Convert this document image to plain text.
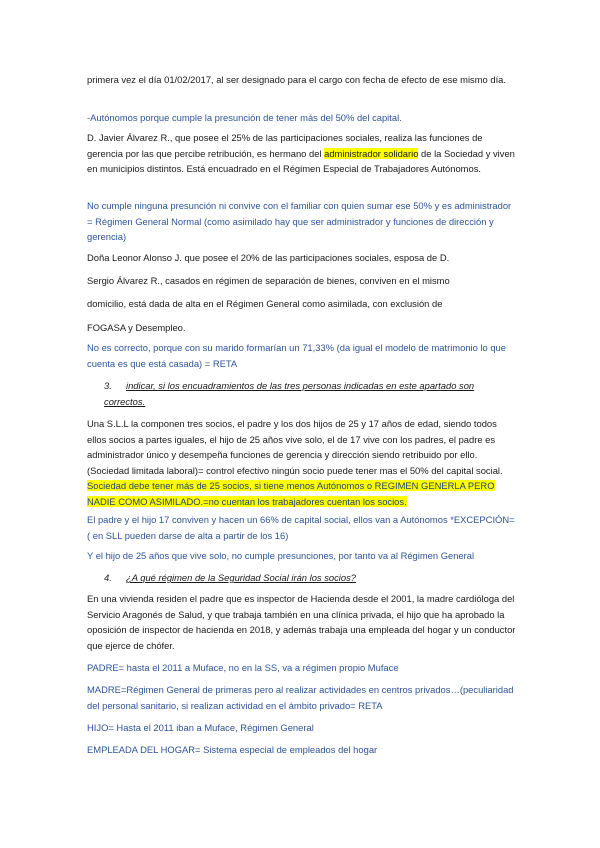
primera vez el día 01/02/2017, al ser designado para el cargo con fecha de efecto de ese mismo día.

-Autónomos porque cumple la presunción de tener más del 50% del capital.

D. Javier Álvarez R., que posee el 25% de las participaciones sociales, realiza las funciones de gerencia por las que percibe retribución, es hermano del administrador solidario de la Sociedad y viven en municipios distintos. Está encuadrado en el Régimen Especial de Trabajadores Autónomos.

No cumple ninguna presunción ni convive con el familiar con quien sumar ese 50% y es administrador = Régimen General Normal (como asimilado hay que ser administrador y funciones de dirección y gerencia)

Doña Leonor Alonso J. que posee el 20% de las participaciones sociales, esposa de D.

Sergio Álvarez R., casados en régimen de separación de bienes, conviven en el mismo

domicilio, está dada de alta en el Régimen General como asimilada, con exclusión de

FOGASA y Desempleo.

No es correcto, porque con su marido formarían un 71,33% (da igual el modelo de matrimonio lo que cuenta es que está casada) = RETA

3. indicar, si los encuadramientos de las tres personas indicadas en este apartado son correctos.

Una S.L.L la componen tres socios, el padre y los dos hijos de 25 y 17 años de edad, siendo todos ellos socios a partes iguales, el hijo de 25 años vive solo, el de 17 vive con los padres, el padre es administrador único y desempeña funciones de gerencia y dirección siendo retribuido por ello. (Sociedad limitada laboral)= control efectivo ningún socio puede tener mas el 50% del capital social. Sociedad debe tener más de 25 socios, si tiene menos Autónomos o REGIMEN GENERLA PERO NADIE COMO ASIMILADO.=no cuentan los trabajadores cuentan los socios.

El padre y el hijo 17 conviven y hacen un 66% de capital social, ellos van a Autónomos *EXCEPCIÓN=( en SLL pueden darse de alta a partir de los 16)

Y el hijo de 25 años que vive solo, no cumple presunciones, por tanto va al Régimen General

4. ¿A qué régimen de la Seguridad Social irán los socios?

En una vivienda residen el padre que es inspector de Hacienda desde el 2001, la madre cardióloga del Servicio Aragonés de Salud, y que trabaja también en una clínica privada, el hijo que ha aprobado la oposición de inspector de hacienda en 2018, y además trabaja una empleada del hogar y un conductor que ejerce de chófer.

PADRE= hasta el 2011 a Muface, no en la SS, va a régimen propio Muface

MADRE=Régimen General de primeras pero al realizar actividades en centros privados…(peculiaridad del personal sanitario, si realizan actividad en el ámbito privado= RETA

HIJO= Hasta el 2011 iban a Muface, Régimen General

EMPLEADA DEL HOGAR= Sistema especial de empleados del hogar
